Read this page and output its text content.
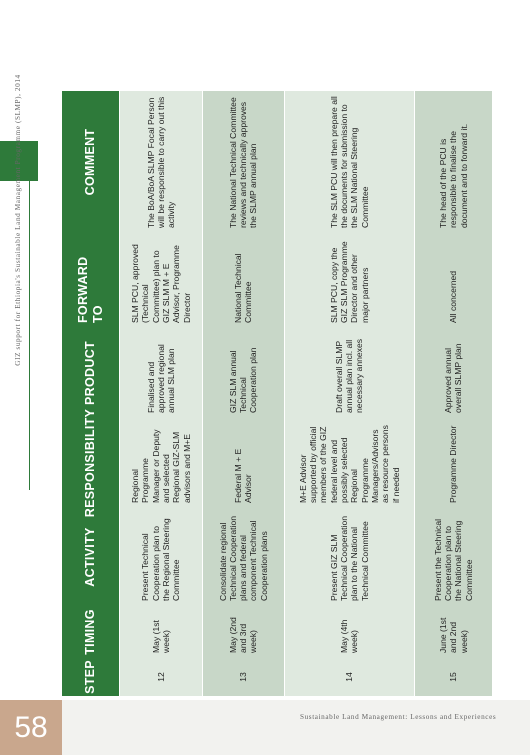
GIZ support for Ethiopia's Sustainable Land Management Programme (SLMP), 2014
STEP
TIMING
ACTIVITY
RESPONSIBILITY
PRODUCT
FORWARD TO
COMMENT
12
May (1st week)
Present Technical Cooperation plan to the Regional Steering Committee
Regional Programme Manager or Deputy and selected Regional GIZ-SLM advisors and M+E
Finalised and approved regional annual SLM plan
SLM PCU, approved (Technical Committee) plan to GIZ SLM M + E Advisor, Programme Director
The BoA/BoA SLMP Focal Person will be responsible to carry out this activity
13
May (2nd and 3rd week)
Consolidate regional Technical Cooperation plans and federal component Technical Cooperation plans
Federal M + E Advisor
GIZ SLM annual Technical Cooperation plan
National Technical Committee
The National Technical Committee reviews and technically approves the SLMP annual plan
14
May (4th week)
Present GIZ SLM Technical Cooperation plan to the National Technical Committee
M+E Advisor supported by official members of the GIZ federal level and possibly selected Regional Programme Managers/Advisors as resource persons if needed
Draft overall SLMP annual plan incl. all necessary annexes
SLM PCU, copy the GIZ SLM Programme Director and other major partners
The SLM PCU will then prepare all the documents for submission to the SLM National Steering Committee
15
June (1st and 2nd week)
Present the Technical Cooperation plan to the National Steering Committee
Programme Director
Approved annual overall SLMP plan
All concerned
The head of the PCU is responsible to finalise the document and to forward it.
58	Sustainable Land Management: Lessons and Experiences
